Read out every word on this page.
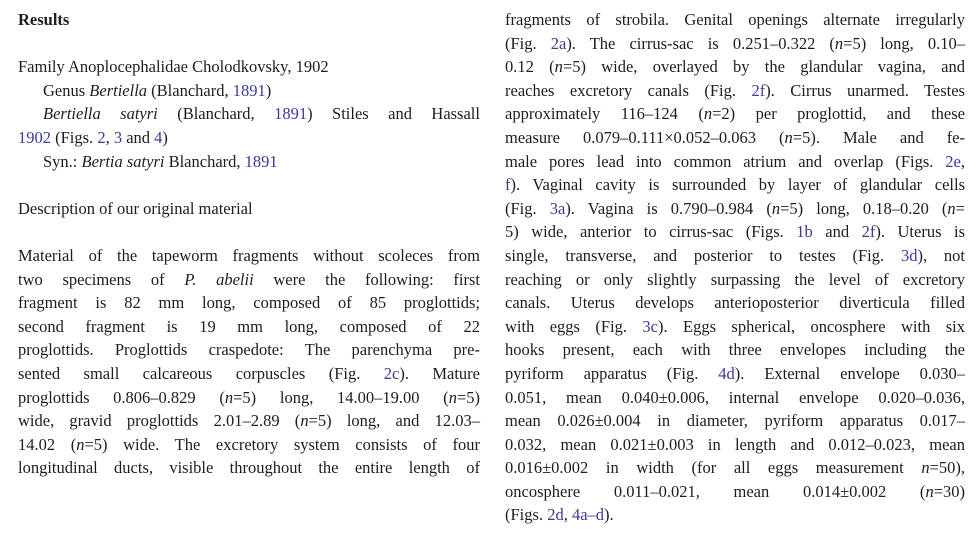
Results
Family Anoplocephalidae Cholodkovsky, 1902
Genus Bertiella (Blanchard, 1891)
Bertiella satyri (Blanchard, 1891) Stiles and Hassall
1902 (Figs. 2, 3 and 4)
Syn.: Bertia satyri Blanchard, 1891
Description of our original material
Material of the tapeworm fragments without scoleces from
two specimens of P. abelii were the following: first
fragment is 82 mm long, composed of 85 proglottids;
second fragment is 19 mm long, composed of 22
proglottids. Proglottids craspedote: The parenchyma pre-
sented small calcareous corpuscles (Fig. 2c). Mature
proglottids 0.806–0.829 (n=5) long, 14.00–19.00 (n=5)
wide, gravid proglottids 2.01–2.89 (n=5) long, and 12.03–
14.02 (n=5) wide. The excretory system consists of four
longitudinal ducts, visible throughout the entire length of
fragments of strobila. Genital openings alternate irregularly
(Fig. 2a). The cirrus-sac is 0.251–0.322 (n=5) long, 0.10–
0.12 (n=5) wide, overlayed by the glandular vagina, and
reaches excretory canals (Fig. 2f). Cirrus unarmed. Testes
approximately 116–124 (n=2) per proglottid, and these
measure 0.079–0.111×0.052–0.063 (n=5). Male and fe-
male pores lead into common atrium and overlap (Figs. 2e,
f). Vaginal cavity is surrounded by layer of glandular cells
(Fig. 3a). Vagina is 0.790–0.984 (n=5) long, 0.18–0.20 (n=
5) wide, anterior to cirrus-sac (Figs. 1b and 2f). Uterus is
single, transverse, and posterior to testes (Fig. 3d), not
reaching or only slightly surpassing the level of excretory
canals. Uterus develops anterioposterior diverticula filled
with eggs (Fig. 3c). Eggs spherical, oncosphere with six
hooks present, each with three envelopes including the
pyriform apparatus (Fig. 4d). External envelope 0.030–
0.051, mean 0.040±0.006, internal envelope 0.020–0.036,
mean 0.026±0.004 in diameter, pyriform apparatus 0.017–
0.032, mean 0.021±0.003 in length and 0.012–0.023, mean
0.016±0.002 in width (for all eggs measurement n=50),
oncosphere 0.011–0.021, mean 0.014±0.002 (n=30)
(Figs. 2d, 4a–d).
